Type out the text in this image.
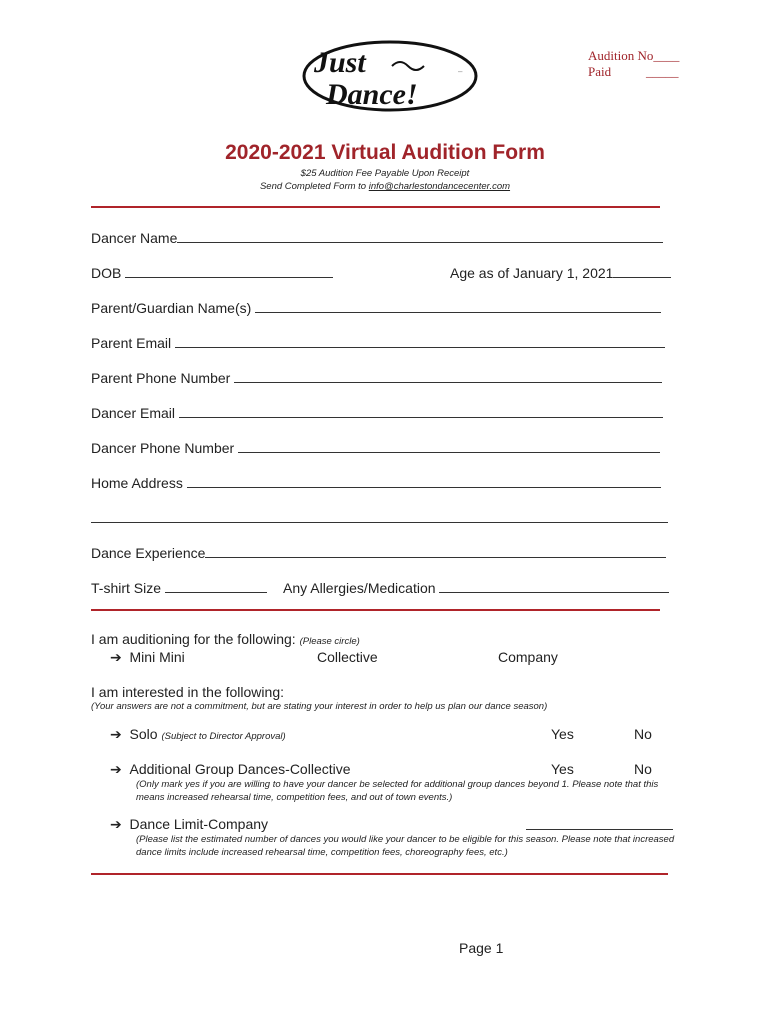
Just
Dance!
–
Audition No____
Paid	_____
2020-2021 Virtual Audition Form
$25 Audition Fee Payable Upon Receipt
Send Completed Form to info@charlestondancecenter.com
Dancer Name
DOB	Age as of January 1, 2021
Parent/Guardian Name(s)
Parent Email
Parent Phone Number
Dancer Email
Dancer Phone Number
Home Address
Dance Experience
T-shirt Size	Any Allergies/Medication
I am auditioning for the following: (Please circle)
➔ Mini Mini	Collective	Company
I am interested in the following:
(Your answers are not a commitment, but are stating your interest in order to help us plan our dance season)
➔ Solo (Subject to Director Approval)	Yes	No
➔ Additional Group Dances-Collective	Yes	No
(Only mark yes if you are willing to have your dancer be selected for additional group dances beyond 1. Please note that this means increased rehearsal time, competition fees, and out of town events.)
➔ Dance Limit-Company
(Please list the estimated number of dances you would like your dancer to be eligible for this season. Please note that increased dance limits include increased rehearsal time, competition fees, choreography fees, etc.)
Page 1
